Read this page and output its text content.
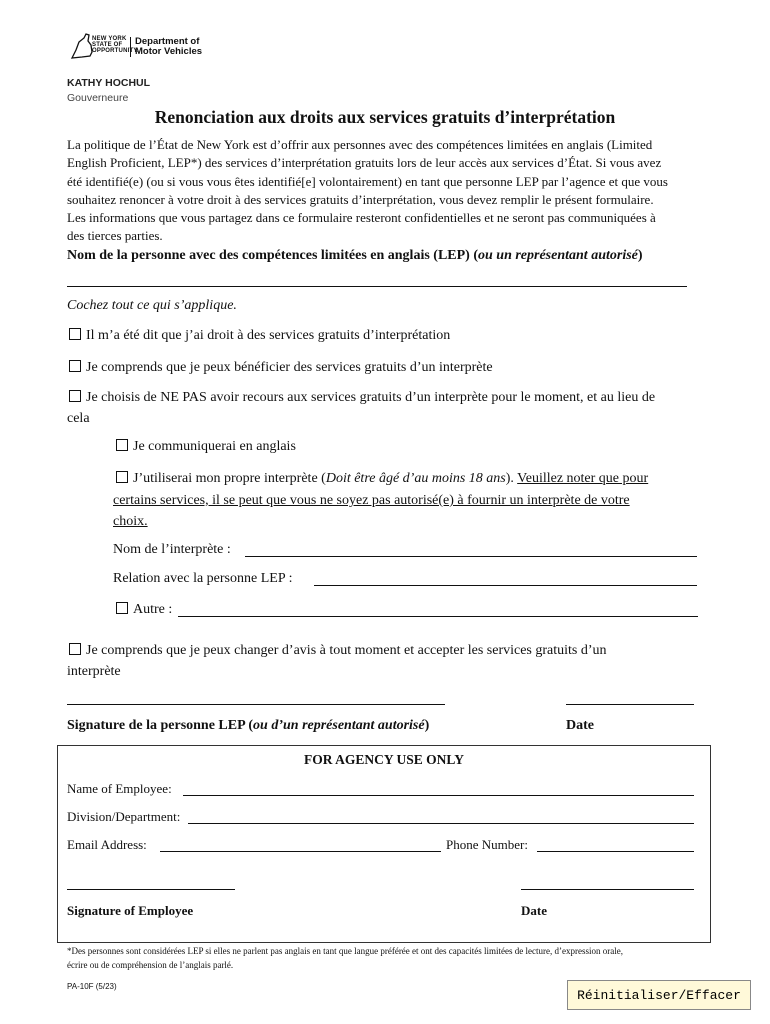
NEW YORK STATE OF OPPORTUNITY.
Department of Motor Vehicles
KATHY HOCHUL
Gouverneure
Renonciation aux droits aux services gratuits d’interprétation
La politique de l’État de New York est d’offrir aux personnes avec des compétences limitées en anglais (Limited
English Proficient, LEP*) des services d’interprétation gratuits lors de leur accès aux services d’État. Si vous avez
été identifié(e) (ou si vous vous êtes identifié[e] volontairement) en tant que personne LEP par l’agence et que vous
souhaitez renoncer à votre droit à des services gratuits d’interprétation, vous devez remplir le présent formulaire.
Les informations que vous partagez dans ce formulaire resteront confidentielles et ne seront pas communiquées à
des tierces parties.
Nom de la personne avec des compétences limitées en anglais (LEP) (ou un représentant autorisé)
Cochez tout ce qui s’applique.
Il m’a été dit que j’ai droit à des services gratuits d’interprétation
Je comprends que je peux bénéficier des services gratuits d’un interprète
Je choisis de NE PAS avoir recours aux services gratuits d’un interprète pour le moment, et au lieu de
cela
Je communiquerai en anglais
J’utiliserai mon propre interprète (Doit être âgé d’au moins 18 ans). Veuillez noter que pour
certains services, il se peut que vous ne soyez pas autorisé(e) à fournir un interprète de votre
choix.
Nom de l’interprète :
Relation avec la personne LEP :
Autre :
Je comprends que je peux changer d’avis à tout moment et accepter les services gratuits d’un
interprète
Signature de la personne LEP (ou d’un représentant autorisé)	Date
FOR AGENCY USE ONLY
Name of Employee:
Division/Department:
Email Address:	Phone Number:
Signature of Employee	Date
*Des personnes sont considérées LEP si elles ne parlent pas anglais en tant que langue préférée et ont des capacités limitées de lecture, d’expression orale,
écrire ou de compréhension de l’anglais parlé.
PA-10F (5/23)
Réinitialiser/Effacer
